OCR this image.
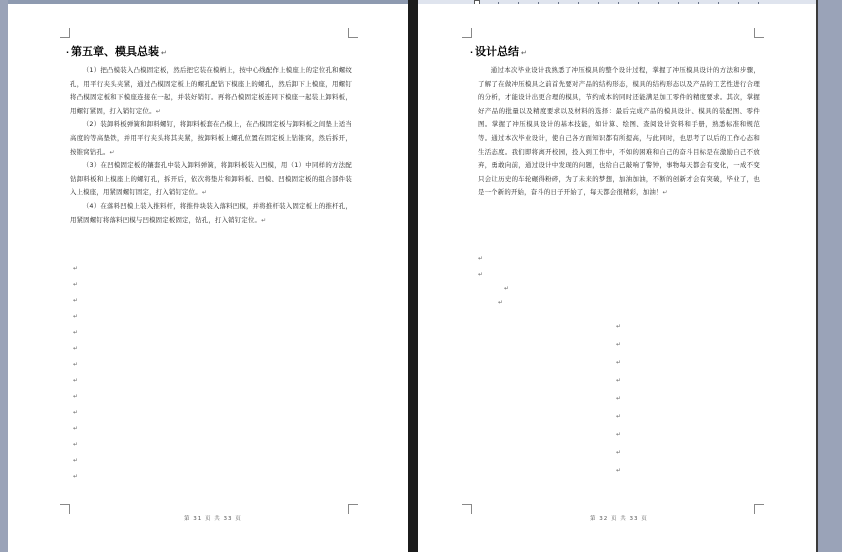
· 第五章、模具总装 ↵

（1）把凸模装入凸模固定板，然后把它装在模柄上，按中心线配作上模座上的定位孔和螺纹孔，用平行夹头夹紧，通过凸模固定板上的螺孔配钻下模座上的螺孔，然后卸下上模座，用螺钉将凸模固定板和下模座连接在一起，并装好销钉。再将凸模固定板连同下模座一起装上卸料板，用螺钉紧固，打入销钉定位。↵

（2）装卸料板弹簧和卸料螺钉，将卸料板套在凸模上，在凸模固定板与卸料板之间垫上适当高度的等高垫铁，并用平行夹头将其夹紧，按卸料板上螺孔位置在固定板上钻锥窝，然后拆开，按锥窝钻孔。↵

（3）在凹模固定板的镶套孔中装入卸料弹簧，将卸料板装入凹模，用（1）中同样的方法配钻卸料板和上模座上的螺钉孔，拆开后，依次将垫片和卸料板、凹模、凹模固定板的组合部件装入上模座，用紧固螺钉固定，打入销钉定位。↵

（4）在落料凹模上装入推料杆，将推件块装入落料凹模，并将推杆装入固定板上的推杆孔，用紧固螺钉将落料凹模与凹模固定板固定，钻孔，打入销钉定位。↵

↵
↵
↵
↵
↵
↵
↵
↵
↵
↵
↵
↵
↵
↵
第 31 页 共 33 页
· 设计总结 ↵

通过本次毕业设计我熟悉了冲压模具的整个设计过程，掌握了冲压模具设计的方法和步骤，了解了在做冲压模具之前首先要对产品的结构形态，模具的结构形态以及产品的工艺性进行合理的分析，才能设计出更合理的模具，节约成本的同时还能满足加工零件的精度要求。其次，掌握好产品的批量以及精度要求以及材料的选择：最后完成产品的模具设计、模具的装配图、零件图。掌握了冲压模具设计的基本技能，如计算、绘图、查阅设计资料和手册，熟悉标准和规范等。通过本次毕业设计，使自己各方面知识都有所提高，与此同时，也思考了以后的工作心态和生活态度。我们即将离开校园，投入到工作中，不如的困难和自己的奋斗目标是在激励自己不放弃，勇敢向前，通过设计中发现的问题，也给自己敲响了警钟，事物每天都会有变化，一成不变只会让历史的车轮碾得粉碎，为了未来的梦想，加油加油，不断的创新才会有突破，毕业了，也是一个新的开始，奋斗的日子开始了，每天都会很精彩，加油！↵

↵
↵
↵
↵
↵
↵
↵
↵
↵
↵
↵
↵
↵
第 32 页 共 33 页
